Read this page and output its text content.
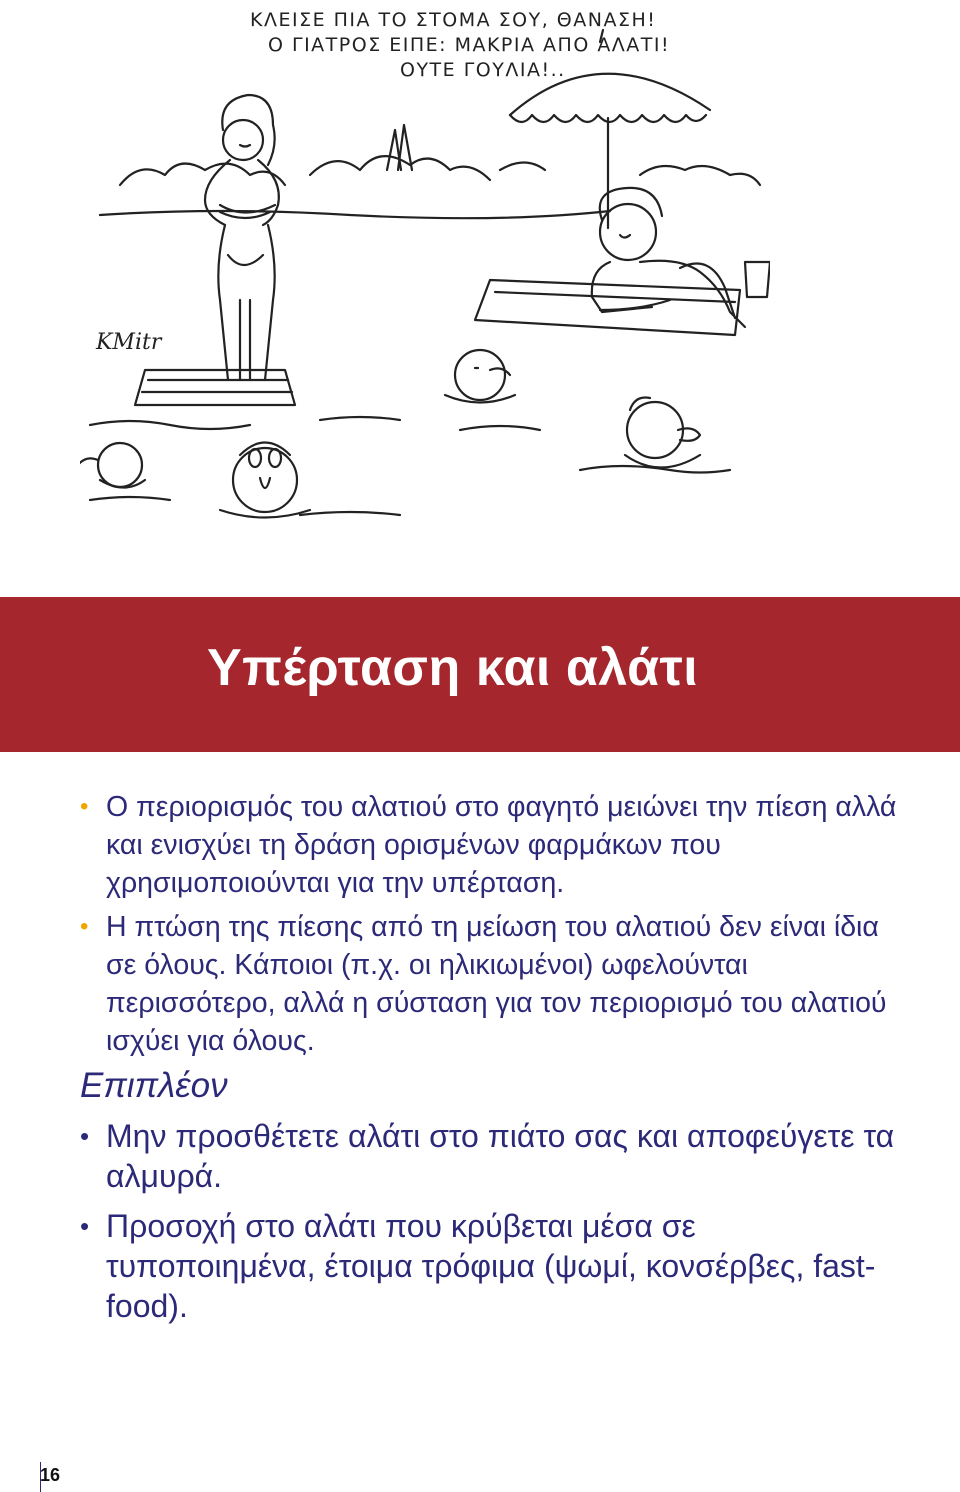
ΚΛΕΙΣΕ ΠΙΑ ΤΟ ΣΤΟΜΑ ΣΟΥ, ΘΑΝΑΣΗ!
Ο ΓΙΑΤΡΟΣ ΕΙΠΕ: ΜΑΚΡΙΑ ΑΠΟ ΑΛΑΤΙ!
ΟΥΤΕ ΓΟΥΛΙΑ!..
KMitr
Υπέρταση και αλάτι
• Ο περιορισμός του αλατιού στο φαγητό μειώνει την πίεση αλλά και ενισχύει τη δράση ορισμένων φαρμάκων που χρησιμοποιούνται για την υπέρταση.
• Η πτώση της πίεσης από τη μείωση του αλατιού δεν είναι ίδια σε όλους. Κάποιοι (π.χ. οι ηλικιωμένοι) ωφελούνται περισσότερο, αλλά η σύσταση για τον περιορισμό του αλατιού ισχύει για όλους.
Επιπλέον
• Μην προσθέτετε αλάτι στο πιάτο σας και αποφεύγετε τα αλμυρά.
• Προσοχή στο αλάτι που κρύβεται μέσα σε τυποποιημένα, έτοιμα τρόφιμα (ψωμί, κονσέρβες, fast-food).
16
